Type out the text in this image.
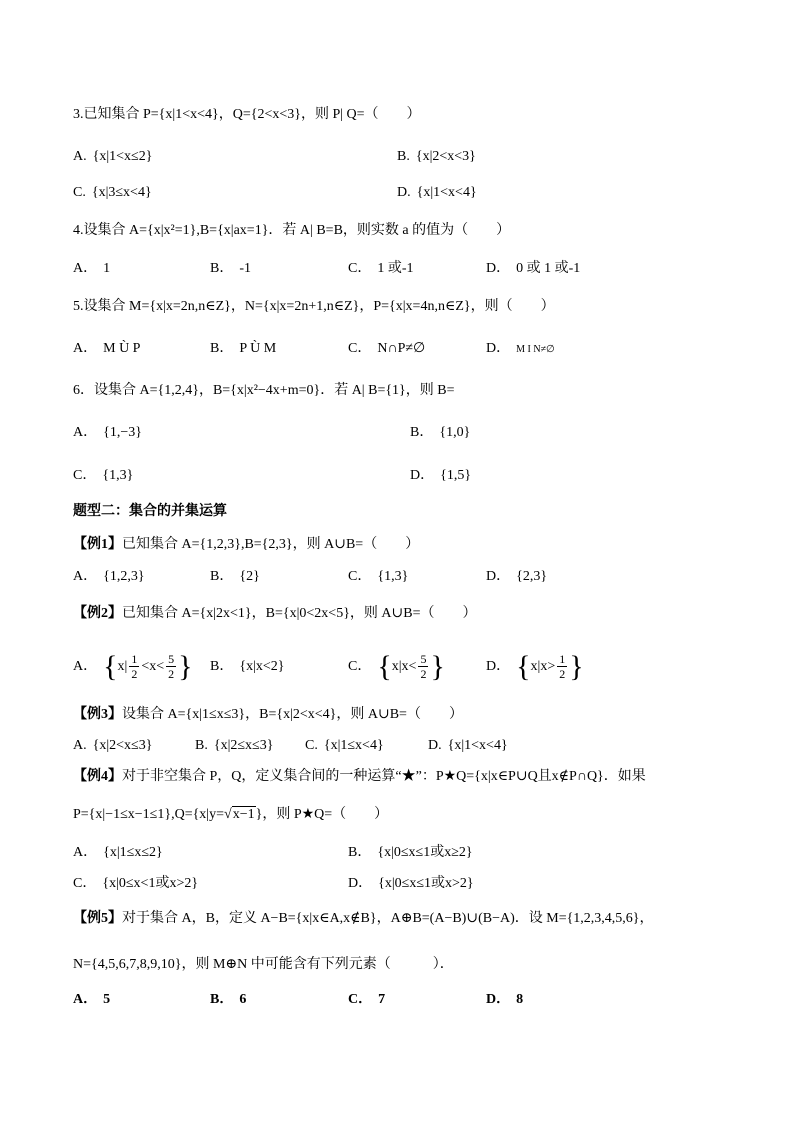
3.已知集合 P={x|1<x<4}，Q={2<x<3}，则 P| Q=（　　）
A. {x|1<x≤2}	B. {x|2<x<3}
C. {x|3≤x<4}	D. {x|1<x<4}
4.设集合 A={x|x²=1},B={x|ax=1}．若 A| B=B，则实数 a 的值为（　　）
A． 1	B． -1	C． 1 或-1	D． 0 或 1 或-1
5.设集合 M={x|x=2n,n∈Z}，N={x|x=2n+1,n∈Z}，P={x|x=4n,n∈Z}，则（　　）
A． M Ù P	B． P Ù M	C． N∩P≠∅	D． M I N≠∅
6．设集合 A={1,2,4}，B={x|x²−4x+m=0}．若 A| B={1}，则 B=
A． {1,−3}	B． {1,0}
C． {1,3}	D． {1,5}
题型二：集合的并集运算
【例1】已知集合 A={1,2,3},B={2,3}，则 A∪B=（　　）
A． {1,2,3}	B． {2}	C． {1,3}	D． {2,3}
【例2】已知集合 A={x|2x<1}，B={x|0<2x<5}，则 A∪B=（　　）
A． {$x| \frac{1}{2} <x< \frac{5}{2}$ } B． {x|x<2}	C． {$x|x< \frac{5}{2}$ }	D． {$x|x> \frac{1}{2}$ }
【例3】设集合 A={x|1≤x≤3}，B={x|2<x<4}，则 A∪B=（　　）
A. {x|2<x≤3}	B. {x|2≤x≤3} C. {x|1≤x<4}	D. {x|1<x<4}
【例4】对于非空集合 P，Q，定义集合间的一种运算“★”：P★Q={x|x∈P∪Q且x∉P∩Q}．如果
P={x|−1≤x−1≤1},Q={x|y=√x−1}，则 P★Q=（　　）
A． {x|1≤x≤2}	B． {x|0≤x≤1或x≥2}
C． {x|0≤x<1或x>2}	D． {x|0≤x≤1或x>2}
【例5】对于集合 A，B，定义 A−B={x|x∈A,x∉B}，A⊕B=(A−B)∪(B−A)．设 M={1,2,3,4,5,6}，
N={4,5,6,7,8,9,10}，则 M⊕N 中可能含有下列元素（　　　）．
A． 5	B． 6	C． 7	D． 8
